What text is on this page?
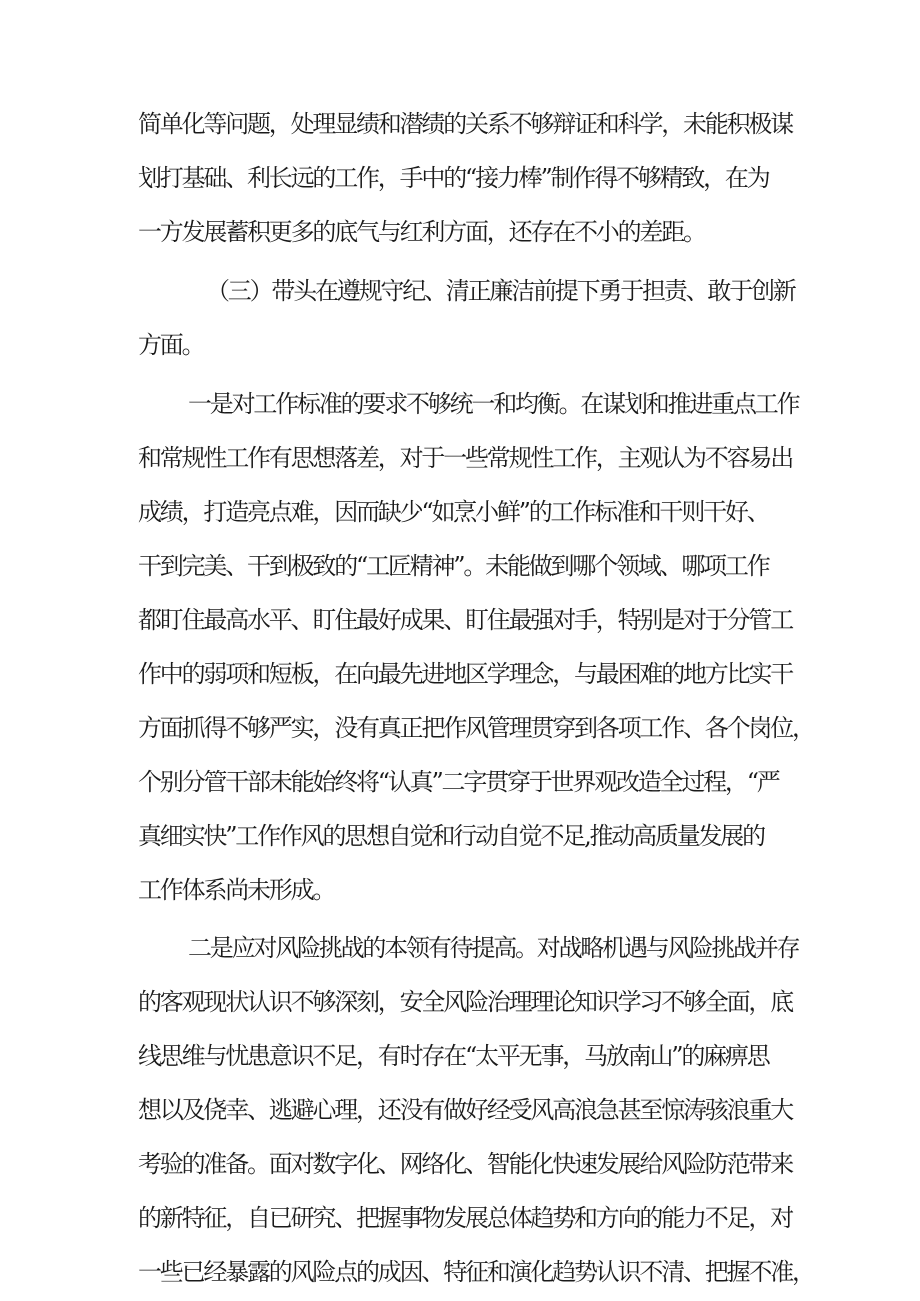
简单化等问题，处理显绩和潜绩的关系不够辩证和科学，未能积极谋
划打基础、利长远的工作，手中的“接力棒”制作得不够精致，在为
一方发展蓄积更多的底气与红利方面，还存在不小的差距。
（三）带头在遵规守纪、清正廉洁前提下勇于担责、敢于创新
方面。
一是对工作标准的要求不够统一和均衡。在谋划和推进重点工作
和常规性工作有思想落差，对于一些常规性工作，主观认为不容易出
成绩，打造亮点难，因而缺少“如烹小鲜”的工作标准和干则干好、
干到完美、干到极致的“工匠精神”。未能做到哪个领域、哪项工作
都盯住最高水平、盯住最好成果、盯住最强对手，特别是对于分管工
作中的弱项和短板，在向最先进地区学理念，与最困难的地方比实干
方面抓得不够严实，没有真正把作风管理贯穿到各项工作、各个岗位，
个别分管干部未能始终将“认真”二字贯穿于世界观改造全过程，“严
真细实快”工作作风的思想自觉和行动自觉不足,推动高质量发展的
工作体系尚未形成。
二是应对风险挑战的本领有待提高。对战略机遇与风险挑战并存
的客观现状认识不够深刻，安全风险治理理论知识学习不够全面，底
线思维与忧患意识不足，有时存在“太平无事，马放南山”的麻痹思
想以及侥幸、逃避心理，还没有做好经受风高浪急甚至惊涛骇浪重大
考验的准备。面对数字化、网络化、智能化快速发展给风险防范带来
的新特征，自已研究、把握事物发展总体趋势和方向的能力不足，对
一些已经暴露的风险点的成因、特征和演化趋势认识不清、把握不准，
